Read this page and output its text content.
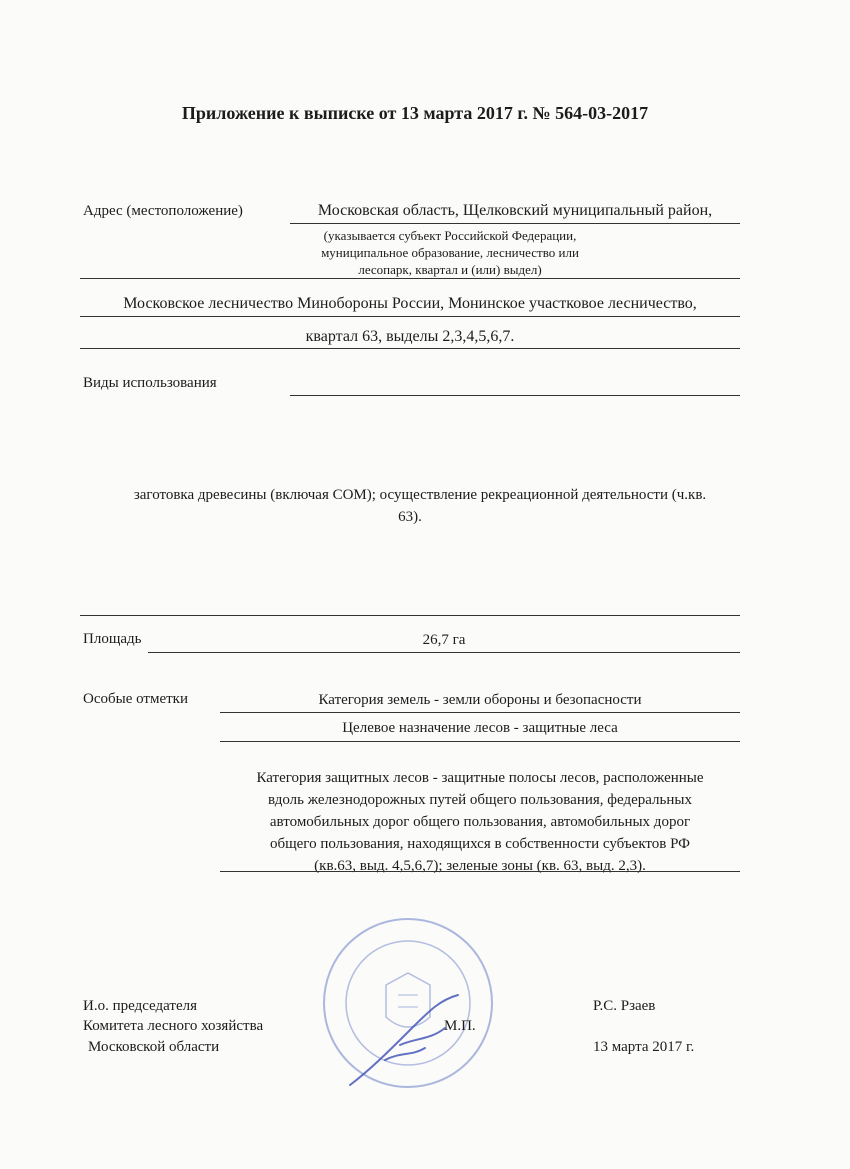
Приложение к выписке от 13 марта 2017 г. № 564-03-2017
Адрес (местоположение)	Московская область, Щелковский муниципальный район,
(указывается субъект Российской Федерации,
муниципальное образование, лесничество или
лесопарк, квартал и (или) выдел)
Московское лесничество Минобороны России, Монинское участковое лесничество,
квартал 63, выделы 2,3,4,5,6,7.
Виды использования
заготовка древесины (включая СОМ); осуществление рекреационной деятельности (ч.кв.
63).
Площадь	26,7 га
Особые отметки	Категория земель - земли обороны и безопасности
Целевое назначение лесов - защитные леса
Категория защитных лесов - защитные полосы лесов, расположенные
вдоль железнодорожных путей общего пользования, федеральных
автомобильных дорог общего пользования, автомобильных дорог
общего пользования, находящихся в собственности субъектов РФ
(кв.63, выд. 4,5,6,7); зеленые зоны (кв. 63, выд. 2,3).
И.о. председателя
Комитета лесного хозяйства
Московской области
М.П.
Р.С. Рзаев
13 марта 2017 г.
